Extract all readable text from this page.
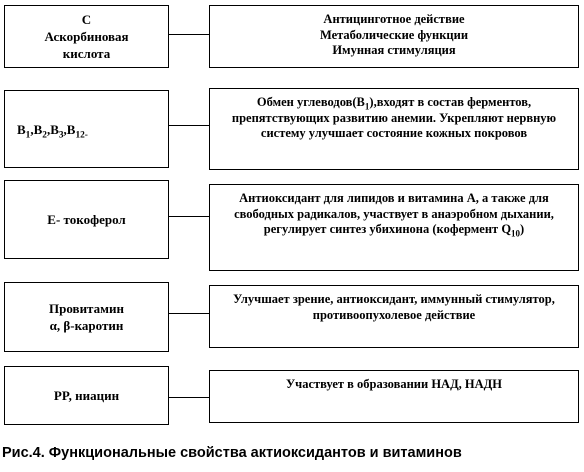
C
Аскорбиновая
кислота
Антицинготное действие
Метаболические функции
Имунная стимуляция
$B_1,B_2,B_3,B_{12-}$
Обмен $углеводов(В_1),входят$ в состав ферментов, препятствующих развитию анемии. Укрепляют нервную систему улучшает состояние кожных покровов
Е- токоферол
Антиоксидант для липидов и витамина А, а также для свободных радикалов, участвует в анаэробном дыхании, регулирует синтез убихинона (кофермент $Q_{10}$)
Провитамин
α, β-каротин
Улучшает зрение, антиоксидант, иммунный стимулятор, противоопухолевое действие
PP, ниацин
Участвует в образовании НАД, НАДН
Рис.4. Функциональные свойства актиоксидантов и витаминов
